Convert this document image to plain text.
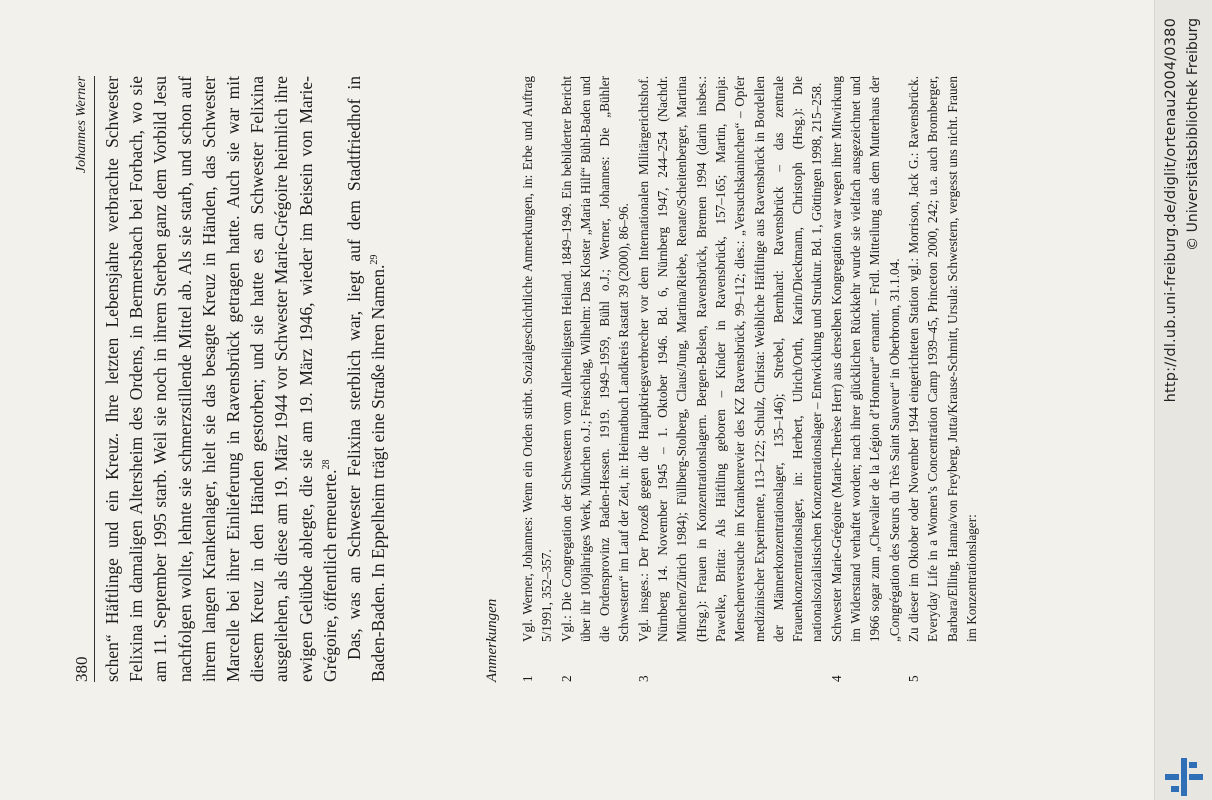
380
Johannes Werner schen“ Häftlinge und ein Kreuz. Ihre letzten Lebensjahre verbrachte Schwester Felixina im damaligen Altersheim des Ordens, in Bermersbach bei Forbach, wo sie am 11. September 1995 starb. Weil sie noch in ihrem Sterben ganz dem Vorbild Jesu nachfolgen wollte, lehnte sie schmerzstillende Mittel ab. Als sie starb, und schon auf ihrem langen Krankenlager, hielt sie das besagte Kreuz in Händen, das Schwester Marcelle bei ihrer Einlieferung in Ravensbrück getragen hatte. Auch sie war mit diesem Kreuz in den Händen gestorben; und sie hatte es an Schwester Felixina ausgeliehen, als diese am 19. März 1944 vor Schwester Marie-Grégoire heimlich ihre ewigen Gelübde ablegte, die sie am 19. März 1946, wieder im Beisein von Marie-Grégoire, öffentlich erneuerte.$^{28}$ Das, was an Schwester Felixina sterblich war, liegt auf dem Stadtfriedhof in Baden-Baden. In Eppelheim trägt eine Straße ihren Namen.$^{29}$

Anmerkungen 1
Vgl. Werner, Johannes: Wenn ein Orden stirbt. Sozialgeschichtliche Anmerkungen, in: Erbe und Auftrag 5/1991, 352–357.

2
Vgl.: Die Congregation der Schwestern vom Allerheiligsten Heiland. 1849–1949. Ein bebilderter Bericht über ihr 100jähriges Werk, München o.J.; Freischlag, Wilhelm: Das Kloster „Maria Hilf“ Bühl-Baden und die Ordensprovinz Baden-Hessen. 1919. 1949–1959, Bühl o.J.; Werner, Johannes: Die „Bühler Schwestern“ im Lauf der Zeit, in: Heimatbuch Landkreis Rastatt 39 (2000), 86–96.

3
Vgl. insges.: Der Prozeß gegen die Hauptkriegsverbrecher vor dem Internationalen Militärgerichtshof. Nürnberg 14. November 1945 – 1. Oktober 1946. Bd. 6, Nürnberg 1947, 244–254 (Nachdr. München/Zürich 1984); Füllberg-Stolberg, Claus/Jung, Martina/Riebe, Renate/Scheitenberger, Martina (Hrsg.): Frauen in Konzentrationslagern. Bergen-Belsen, Ravensbrück, Bremen 1994 (darin insbes.: Pawelke, Britta: Als Häftling geboren – Kinder in Ravensbrück, 157–165; Martin, Dunja: Menschenversuche im Krankenrevier des KZ Ravensbrück, 99–112; dies.: „Versuchskaninchen“ – Opfer medizinischer Experimente, 113–122; Schulz, Christa: Weibliche Häftlinge aus Ravensbrück in Bordellen der Männerkonzentrationslager, 135–146); Strebel, Bernhard: Ravensbrück – das zentrale Frauenkonzentrationslager, in: Herbert, Ulrich/Orth, Karin/Dieckmann, Christoph (Hrsg.): Die nationalsozialistischen Konzentrationslager – Entwicklung und Struktur. Bd. 1, Göttingen 1998, 215–258.

4
Schwester Marie-Grégoire (Marie-Therèse Herr) aus derselben Kongregation war wegen ihrer Mitwirkung im Widerstand verhaftet worden; nach ihrer glücklichen Rückkehr wurde sie vielfach ausgezeichnet und 1966 sogar zum „Chevalier de la Légion d’Honneur“ ernannt. – Frdl. Mitteilung aus dem Mutterhaus der „Congrégation des Sœurs du Très Saint Sauveur“ in Oberbronn, 31.1.04.

5
Zu dieser im Oktober oder November 1944 eingerichteten Station vgl.: Morrison, Jack G.: Ravensbrück. Everyday Life in a Women’s Concentration Camp 1939–45, Princeton 2000, 242; u.a. auch Bromberger, Barbara/Elling, Hanna/von Freyberg, Jutta/Krause-Schmitt, Ursula: Schwestern, vergesst uns nicht. Frauen im Konzentrationslager:

http://dl.ub.uni-freiburg.de/diglit/ortenau2004/0380 © Universitätsbibliothek Freiburg
